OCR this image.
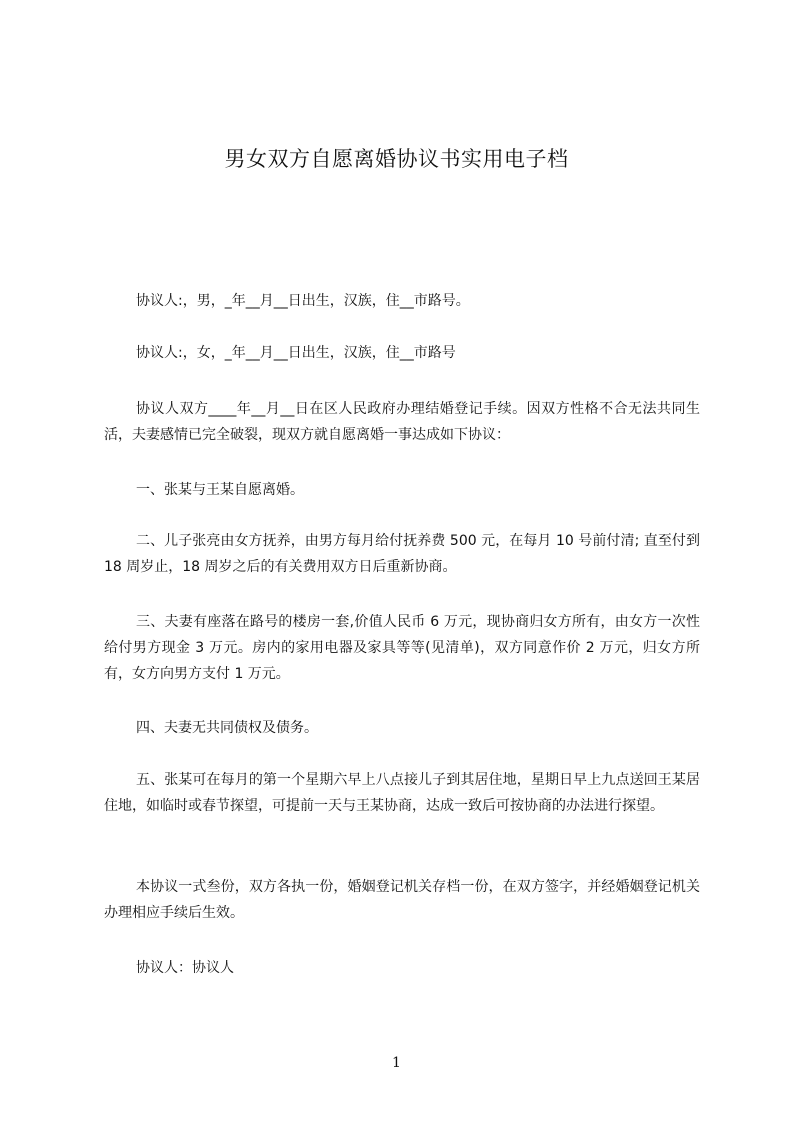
男女双方自愿离婚协议书实用电子档

协议人:，男，_年__月__日出生，汉族，住__市路号。

协议人:，女，_年__月__日出生，汉族，住__市路号

协议人双方____年__月__日在区人民政府办理结婚登记手续。因双方性格不合无法共同生活，夫妻感情已完全破裂，现双方就自愿离婚一事达成如下协议：

一、张某与王某自愿离婚。

二、儿子张亮由女方抚养，由男方每月给付抚养费 500 元，在每月 10 号前付清; 直至付到 18 周岁止，18 周岁之后的有关费用双方日后重新协商。

三、夫妻有座落在路号的楼房一套,价值人民币 6 万元，现协商归女方所有，由女方一次性给付男方现金 3 万元。房内的家用电器及家具等等(见清单)，双方同意作价 2 万元，归女方所有，女方向男方支付 1 万元。

四、夫妻无共同债权及债务。

五、张某可在每月的第一个星期六早上八点接儿子到其居住地，星期日早上九点送回王某居住地，如临时或春节探望，可提前一天与王某协商，达成一致后可按协商的办法进行探望。

本协议一式叁份，双方各执一份，婚姻登记机关存档一份，在双方签字，并经婚姻登记机关办理相应手续后生效。

协议人：协议人

1
